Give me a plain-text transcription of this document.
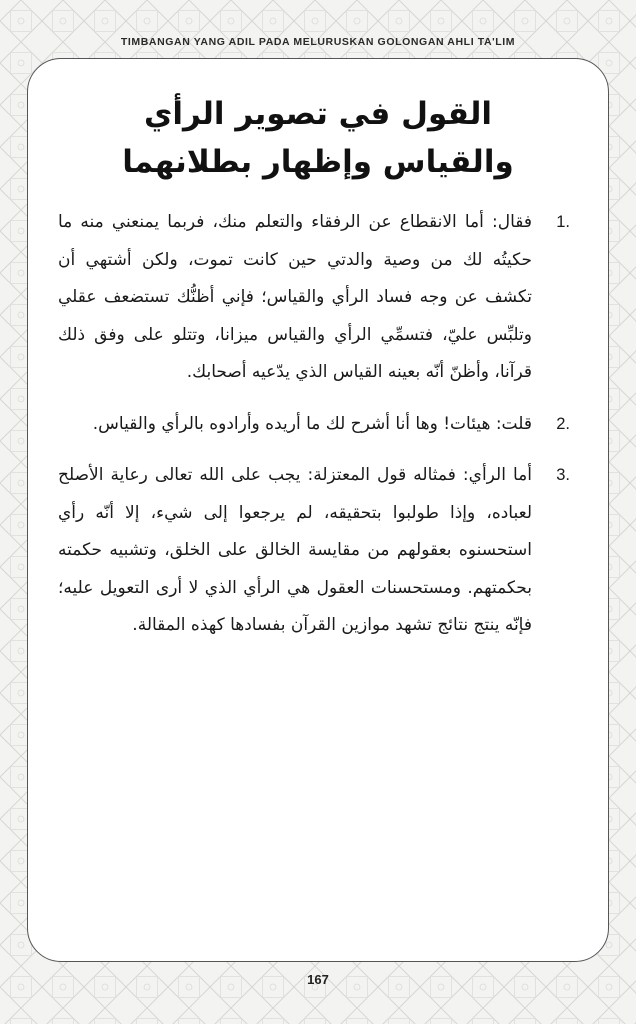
TIMBANGAN YANG ADIL PADA MELURUSKAN GOLONGAN AHLI TA'LIM
القول في تصوير الرأي والقياس وإظهار بطلانهما
1.
فقال: أما الانقطاع عن الرفقاء والتعلم منك، فربما يمنعني منه ما حكيتُه لك من وصية والدتي حين كانت تموت، ولكن أشتهي أن تكشف عن وجه فساد الرأي والقياس؛ فإني أظنُّك تستضعف عقلي وتلبِّس عليّ، فتسمِّي الرأي والقياس ميزانا، وتتلو على وفق ذلك قرآنا، وأظنّ أنّه بعينه القياس الذي يدّعيه أصحابك.
2.
قلت: هيئات! وها أنا أشرح لك ما أريده وأرادوه بالرأي والقياس.
3.
أما الرأي: فمثاله قول المعتزلة: يجب على الله تعالى رعاية الأصلح لعباده، وإذا طولبوا بتحقيقه، لم يرجعوا إلى شيء، إلا أنّه رأي استحسنوه بعقولهم من مقايسة الخالق على الخلق، وتشبيه حكمته بحكمتهم. ومستحسنات العقول هي الرأي الذي لا أرى التعويل عليه؛ فإنّه ينتج نتائج تشهد موازين القرآن بفسادها كهذه المقالة.
167
